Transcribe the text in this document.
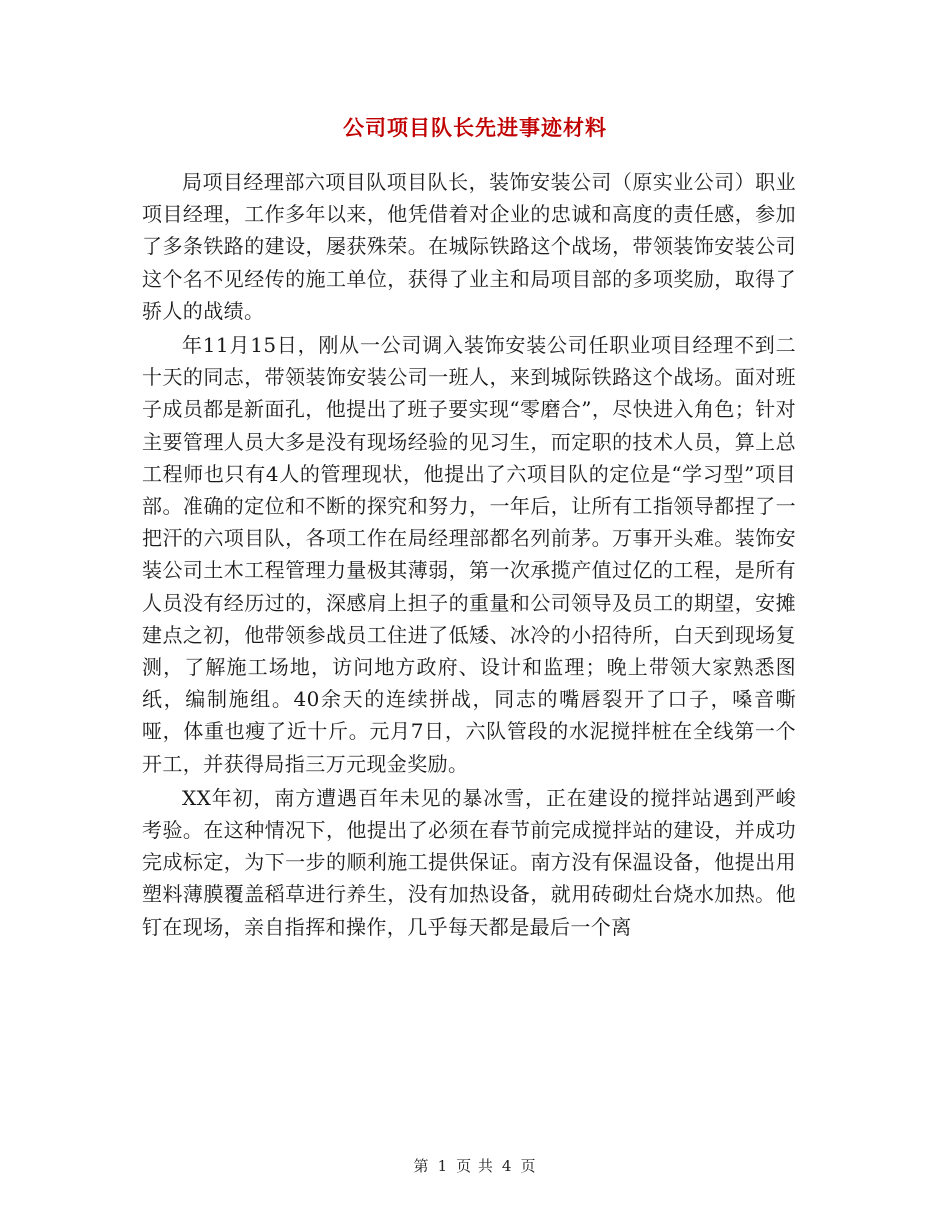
公司项目队长先进事迹材料

局项目经理部六项目队项目队长，装饰安装公司（原实业公司）职业项目经理，工作多年以来，他凭借着对企业的忠诚和高度的责任感，参加了多条铁路的建设，屡获殊荣。在城际铁路这个战场，带领装饰安装公司这个名不见经传的施工单位，获得了业主和局项目部的多项奖励，取得了骄人的战绩。

年11月15日，刚从一公司调入装饰安装公司任职业项目经理不到二十天的同志，带领装饰安装公司一班人，来到城际铁路这个战场。面对班子成员都是新面孔，他提出了班子要实现“零磨合”，尽快进入角色；针对主要管理人员大多是没有现场经验的见习生，而定职的技术人员，算上总工程师也只有4人的管理现状，他提出了六项目队的定位是“学习型”项目部。准确的定位和不断的探究和努力，一年后，让所有工指领导都捏了一把汗的六项目队，各项工作在局经理部都名列前茅。万事开头难。装饰安装公司土木工程管理力量极其薄弱，第一次承揽产值过亿的工程，是所有人员没有经历过的，深感肩上担子的重量和公司领导及员工的期望，安摊建点之初，他带领参战员工住进了低矮、冰冷的小招待所，白天到现场复测，了解施工场地，访问地方政府、设计和监理；晚上带领大家熟悉图纸，编制施组。40余天的连续拼战，同志的嘴唇裂开了口子，嗓音嘶哑，体重也瘦了近十斤。元月7日，六队管段的水泥搅拌桩在全线第一个开工，并获得局指三万元现金奖励。

XX年初，南方遭遇百年未见的暴冰雪，正在建设的搅拌站遇到严峻考验。在这种情况下，他提出了必须在春节前完成搅拌站的建设，并成功完成标定，为下一步的顺利施工提供保证。南方没有保温设备，他提出用塑料薄膜覆盖稻草进行养生，没有加热设备，就用砖砌灶台烧水加热。他钉在现场，亲自指挥和操作，几乎每天都是最后一个离

第 1 页 共 4 页
